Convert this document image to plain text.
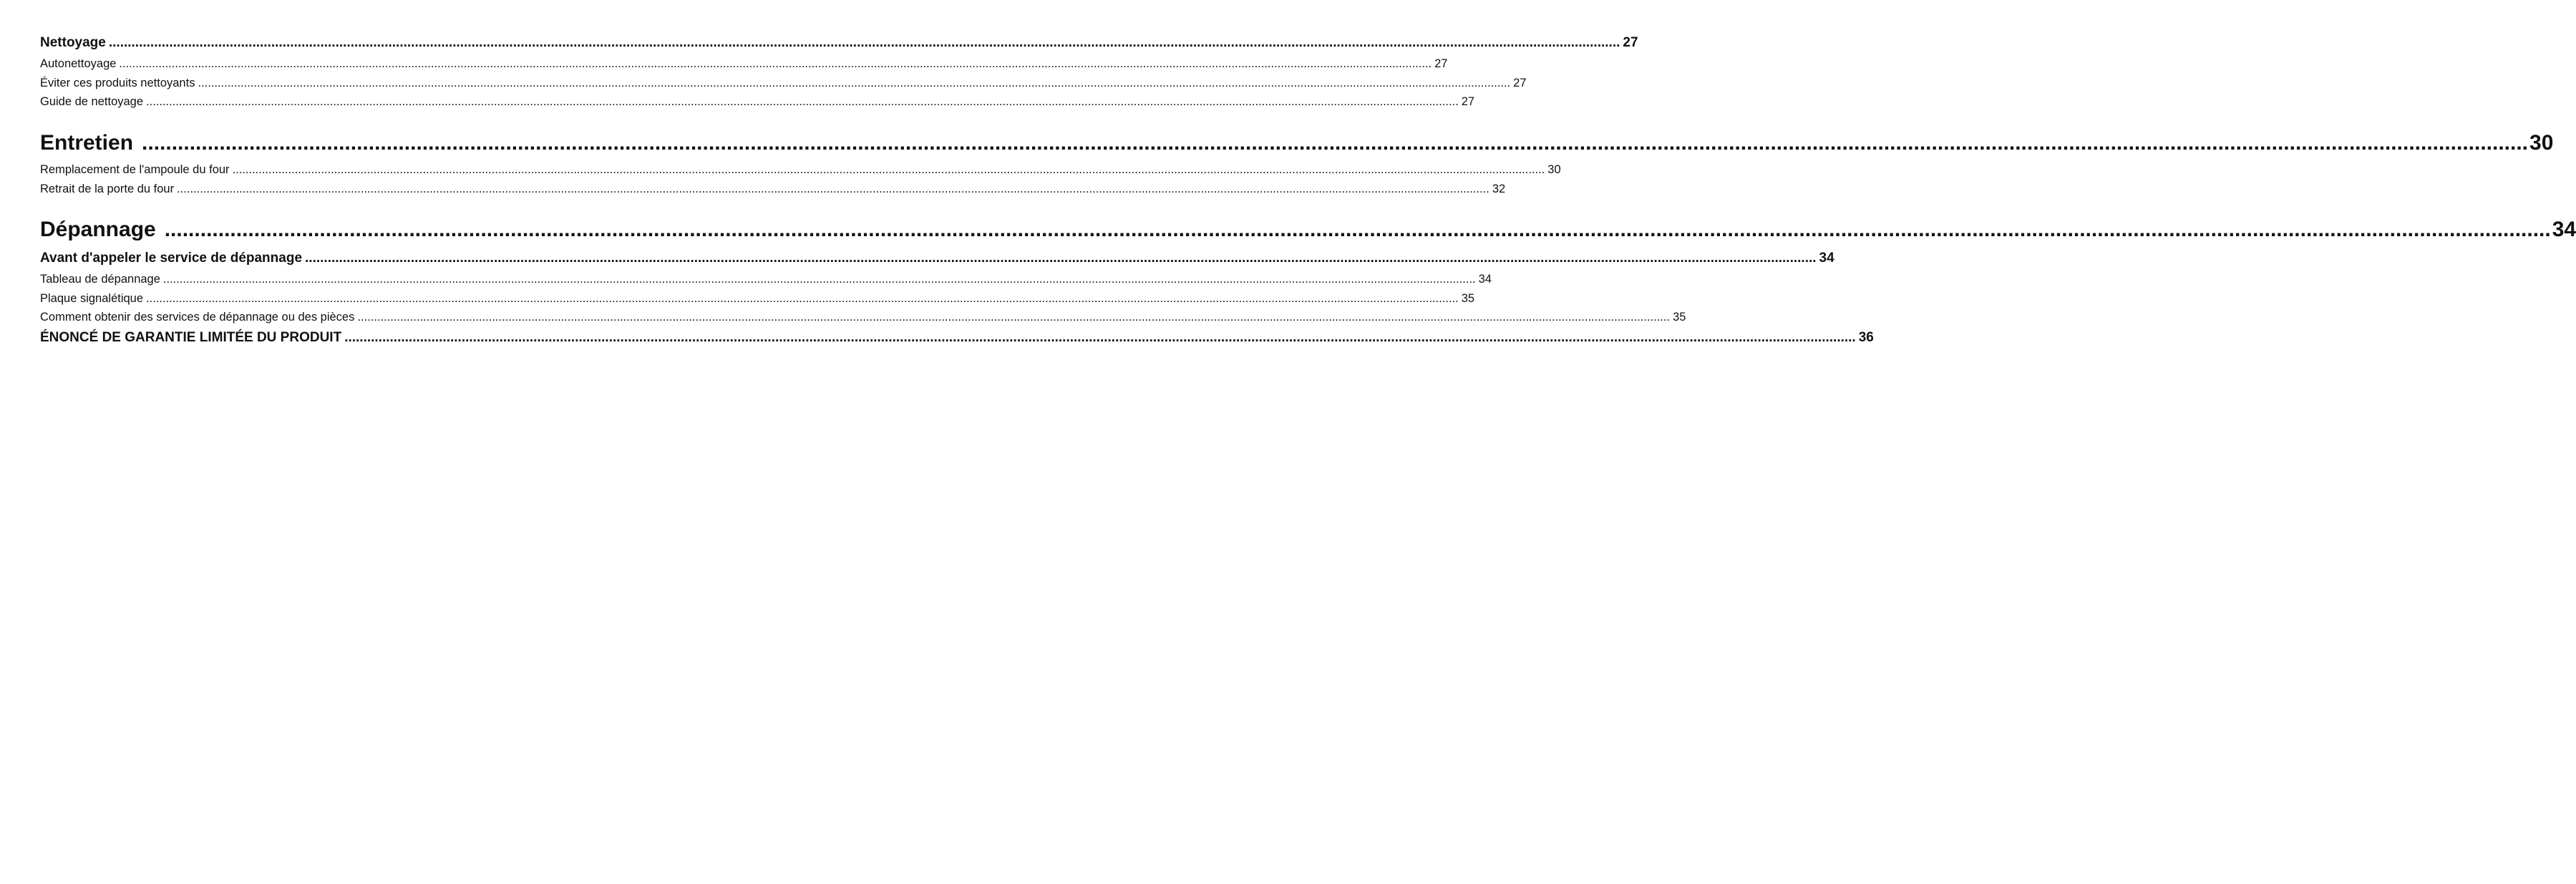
Nettoyage ................................................................................................................................................................................................................................................................................................................................................................................................................ 27
Autonettoyage ................................................................................................................................................................................................................................................................................................................................................................................................................ 27
Éviter ces produits nettoyants ................................................................................................................................................................................................................................................................................................................................................................................................................ 27
Guide de nettoyage ................................................................................................................................................................................................................................................................................................................................................................................................................ 27
Entretien ................................................................................................................................................................................................................................................................................................................................................................................................................ 30
Remplacement de l'ampoule du four ................................................................................................................................................................................................................................................................................................................................................................................................................ 30
Retrait de la porte du four ................................................................................................................................................................................................................................................................................................................................................................................................................ 32
Dépannage ................................................................................................................................................................................................................................................................................................................................................................................................................ 34
Avant d'appeler le service de dépannage ................................................................................................................................................................................................................................................................................................................................................................................................................ 34
Tableau de dépannage ................................................................................................................................................................................................................................................................................................................................................................................................................ 34
Plaque signalétique ................................................................................................................................................................................................................................................................................................................................................................................................................ 35
Comment obtenir des services de dépannage ou des pièces ................................................................................................................................................................................................................................................................................................................................................................................................................ 35
ÉNONCÉ DE GARANTIE LIMITÉE DU PRODUIT ................................................................................................................................................................................................................................................................................................................................................................................................................ 36
